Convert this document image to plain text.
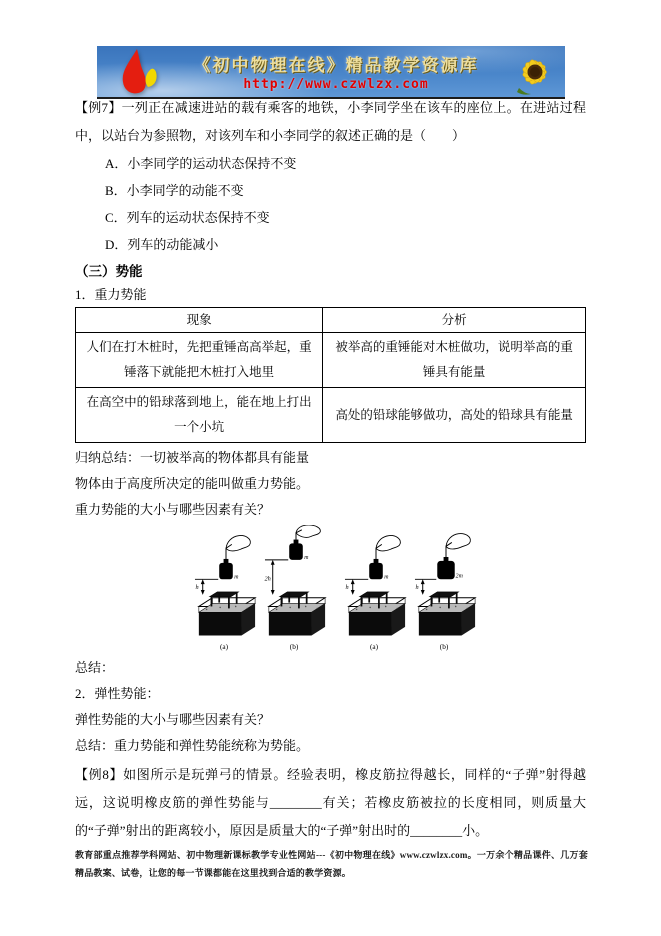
《初中物理在线》精品教学资源库
http://www.czwlzx.com

【例7】一列正在减速进站的载有乘客的地铁，小李同学坐在该车的座位上。在进站过程中，以站台为参照物，对该列车和小李同学的叙述正确的是（　　）

A．小李同学的运动状态保持不变
B．小李同学的动能不变
C．列车的运动状态保持不变
D．列车的动能减小
（三）势能
1．重力势能
现象	分析
人们在打木桩时，先把重锤高高举起，重锤落下就能把木桩打入地里	被举高的重锤能对木桩做功，说明举高的重锤具有能量
在高空中的铅球落到地上，能在地上打出一个小坑	高处的铅球能够做功，高处的铅球具有能量
归纳总结：一切被举高的物体都具有能量
物体由于高度所决定的能叫做重力势能。
重力势能的大小与哪些因素有关？
m
h
(a)
m
2h
(b)
m
h
(a)
2m
h
(b)
总结：
2．弹性势能：
弹性势能的大小与哪些因素有关？
总结：重力势能和弹性势能统称为势能。

【例8】如图所示是玩弹弓的情景。经验表明，橡皮筋拉得越长，同样的“子弹”射得越远，这说明橡皮筋的弹性势能与________有关；若橡皮筋被拉的长度相同，则质量大的“子弹”射出的距离较小，原因是质量大的“子弹”射出时的________小。

教育部重点推荐学科网站、初中物理新课标教学专业性网站---《初中物理在线》www.czwlzx.com。一万余个精品课件、几万套精品教案、试卷，让您的每一节课都能在这里找到合适的教学资源。
